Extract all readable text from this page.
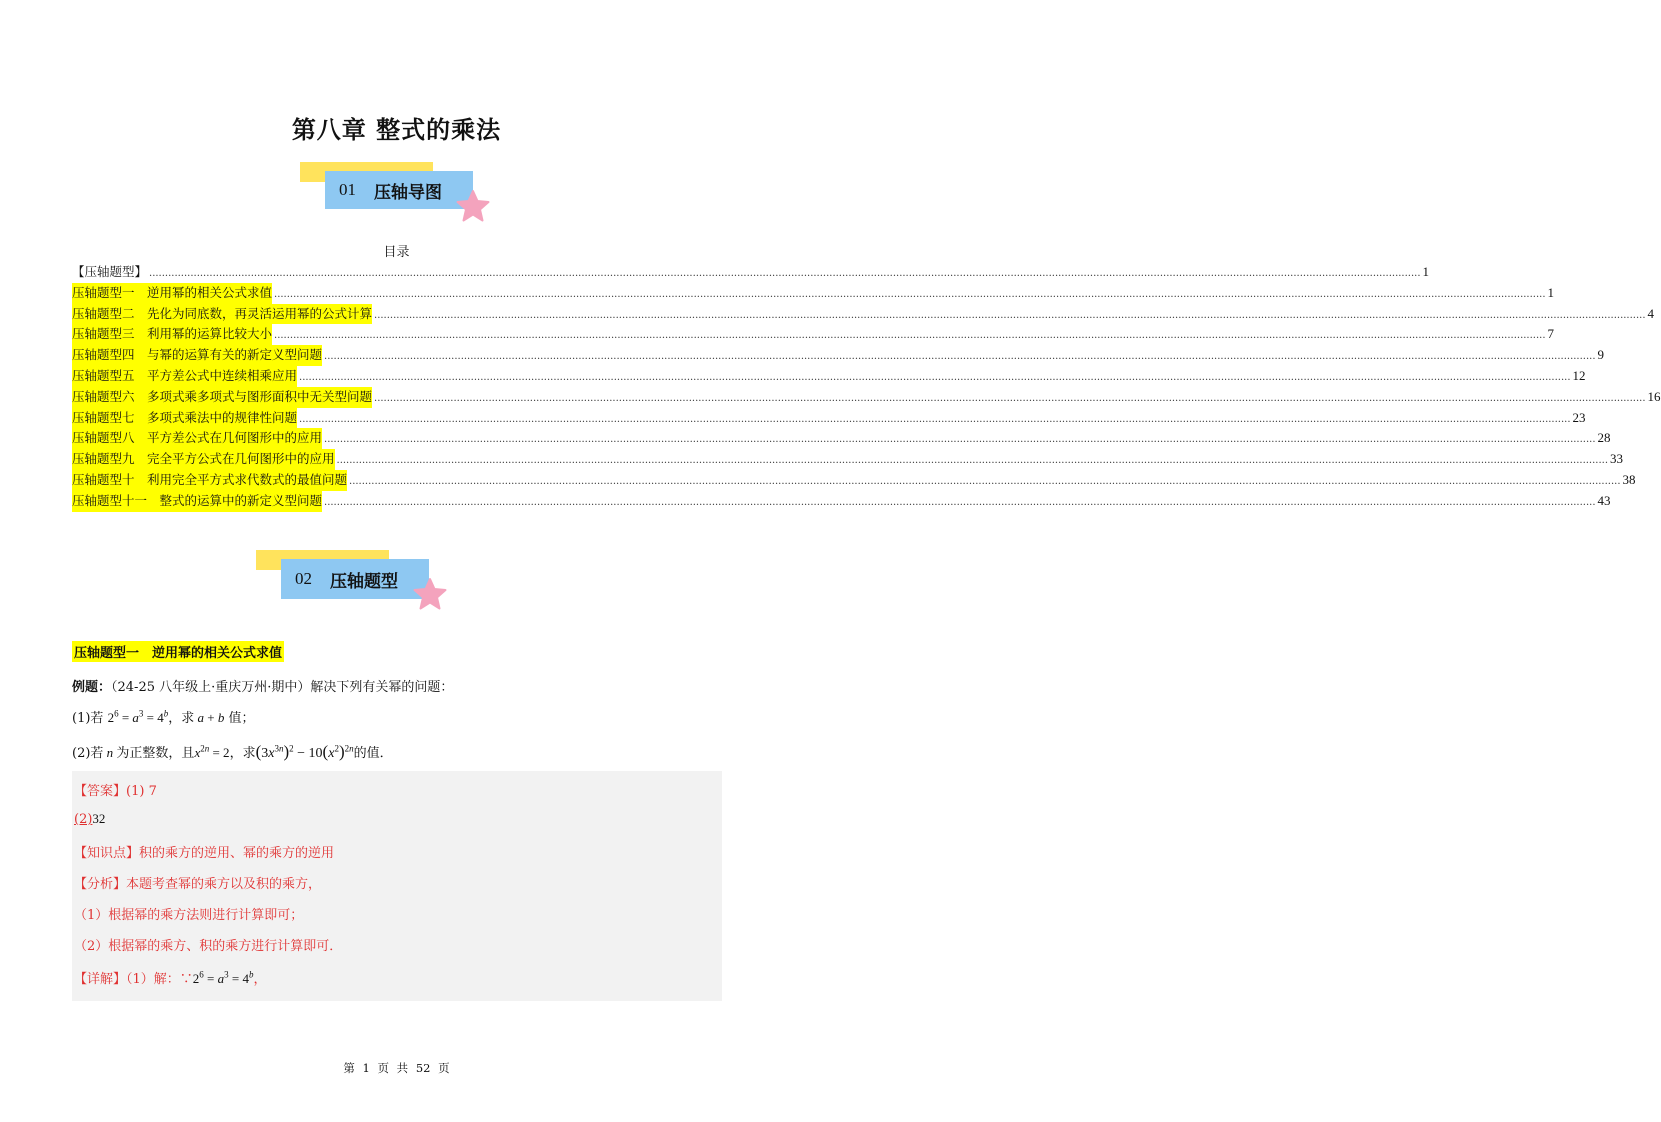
第八章 整式的乘法
01 压轴导图
目录
【压轴题型】 ................................................................................................................................................................................................................................................................................................................................................................................................................ 1
压轴题型一　逆用幂的相关公式求值 ................................................................................................................................................................................................................................................................................................................................................................................................................ 1
压轴题型二　先化为同底数，再灵活运用幂的公式计算 ................................................................................................................................................................................................................................................................................................................................................................................................................ 4
压轴题型三　利用幂的运算比较大小 ................................................................................................................................................................................................................................................................................................................................................................................................................ 7
压轴题型四　与幂的运算有关的新定义型问题 ................................................................................................................................................................................................................................................................................................................................................................................................................ 9
压轴题型五　平方差公式中连续相乘应用 ................................................................................................................................................................................................................................................................................................................................................................................................................ 12
压轴题型六　多项式乘多项式与图形面积中无关型问题 ................................................................................................................................................................................................................................................................................................................................................................................................................ 16
压轴题型七　多项式乘法中的规律性问题 ................................................................................................................................................................................................................................................................................................................................................................................................................ 23
压轴题型八　平方差公式在几何图形中的应用 ................................................................................................................................................................................................................................................................................................................................................................................................................ 28
压轴题型九　完全平方公式在几何图形中的应用 ................................................................................................................................................................................................................................................................................................................................................................................................................ 33
压轴题型十　利用完全平方式求代数式的最值问题 ................................................................................................................................................................................................................................................................................................................................................................................................................ 38
压轴题型十一　整式的运算中的新定义型问题 ................................................................................................................................................................................................................................................................................................................................................................................................................ 43
02 压轴题型
压轴题型一　逆用幂的相关公式求值
例题：（24-25 八年级上·重庆万州·期中）解决下列有关幂的问题：
(1)若 $2^6 = a^3 = 4^b$，求 a + b 值；
(2)若 n 为正整数，且$x^{2n} = 2$，求$(3x^{3n})^2 - 10(x^2)^{2n}$的值．
【答案】(1) 7
(2)32
【知识点】积的乘方的逆用、幂的乘方的逆用
【分析】本题考查幂的乘方以及积的乘方，
（1）根据幂的乘方法则进行计算即可；
（2）根据幂的乘方、积的乘方进行计算即可．
【详解】（1）解：$\because 2^6 = a^3 = 4^b$，
第 1 页 共 52 页
